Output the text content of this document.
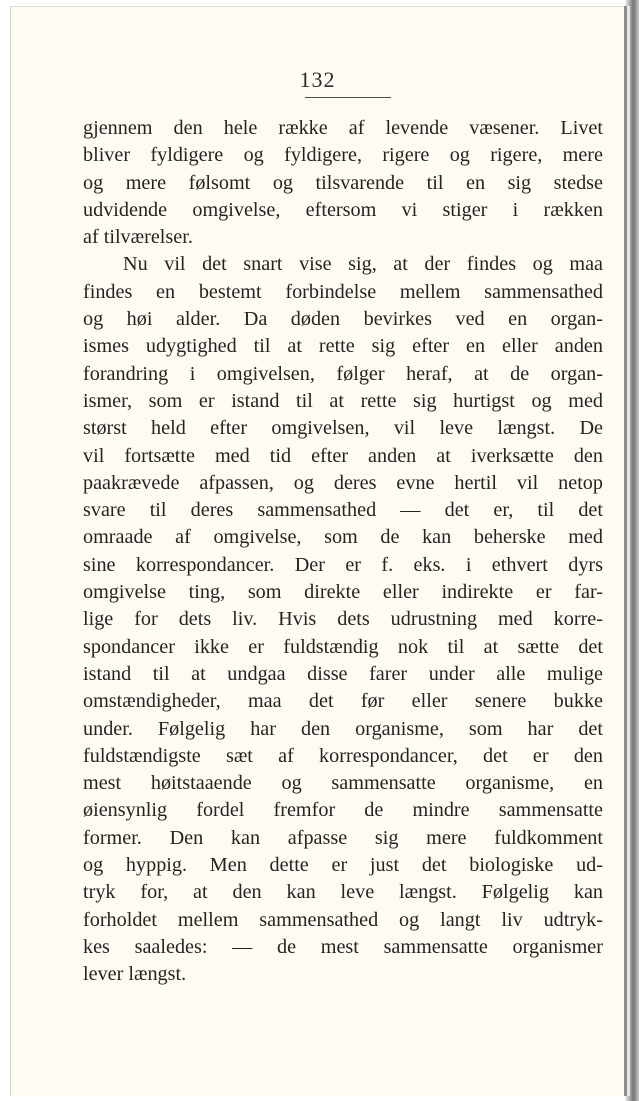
132
gjennem den hele række af levende væsener. Livet
bliver fyldigere og fyldigere, rigere og rigere, mere
og mere følsomt og tilsvarende til en sig stedse
udvidende omgivelse, eftersom vi stiger i rækken
af tilværelser.
Nu vil det snart vise sig, at der findes og maa
findes en bestemt forbindelse mellem sammensathed
og høi alder. Da døden bevirkes ved en organ-
ismes udygtighed til at rette sig efter en eller anden
forandring i omgivelsen, følger heraf, at de organ-
ismer, som er istand til at rette sig hurtigst og med
størst held efter omgivelsen, vil leve længst. De
vil fortsætte med tid efter anden at iverksætte den
paakrævede afpassen, og deres evne hertil vil netop
svare til deres sammensathed — det er, til det
omraade af omgivelse, som de kan beherske med
sine korrespondancer. Der er f. eks. i ethvert dyrs
omgivelse ting, som direkte eller indirekte er far-
lige for dets liv. Hvis dets udrustning med korre-
spondancer ikke er fuldstændig nok til at sætte det
istand til at undgaa disse farer under alle mulige
omstændigheder, maa det før eller senere bukke
under. Følgelig har den organisme, som har det
fuldstændigste sæt af korrespondancer, det er den
mest høitstaaende og sammensatte organisme, en
øiensynlig fordel fremfor de mindre sammensatte
former. Den kan afpasse sig mere fuldkomment
og hyppig. Men dette er just det biologiske ud-
tryk for, at den kan leve længst. Følgelig kan
forholdet mellem sammensathed og langt liv udtryk-
kes saaledes: — de mest sammensatte organismer
lever længst.
